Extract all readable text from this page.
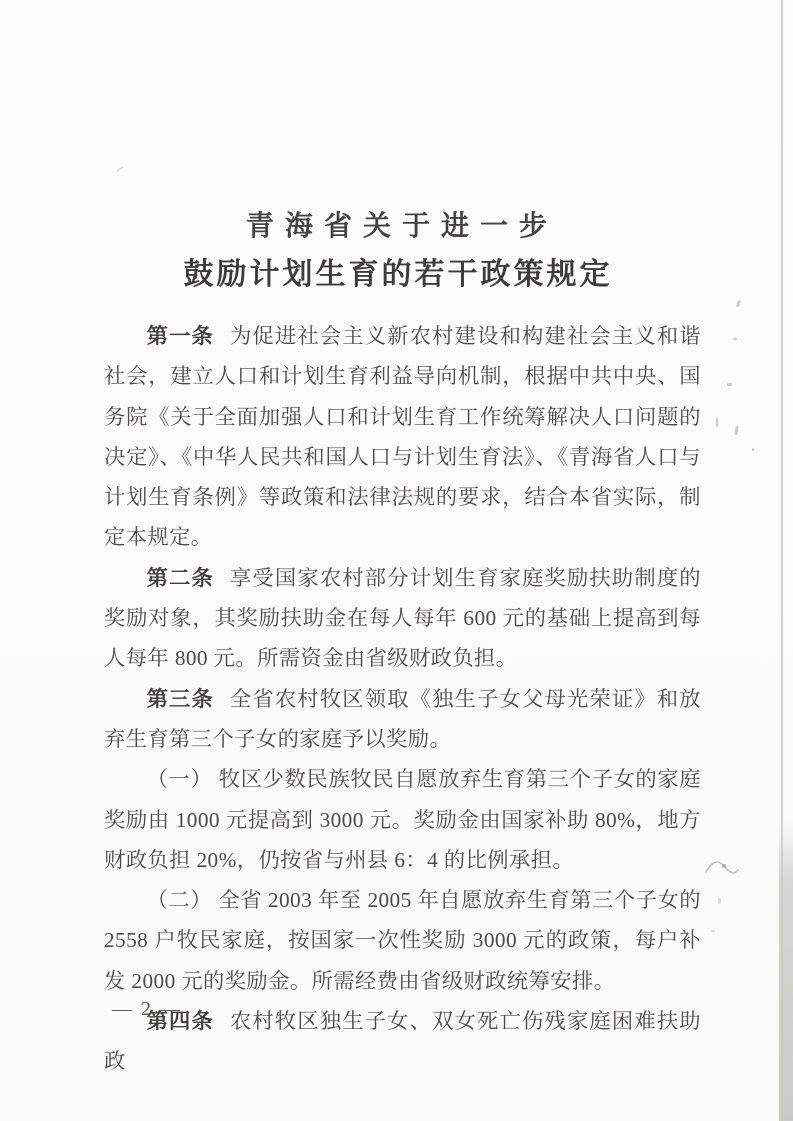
青海省关于进一步
鼓励计划生育的若干政策规定

第一条 为促进社会主义新农村建设和构建社会主义和谐社会，建立人口和计划生育利益导向机制，根据中共中央、国务院《关于全面加强人口和计划生育工作统筹解决人口问题的决定》、《中华人民共和国人口与计划生育法》、《青海省人口与计划生育条例》等政策和法律法规的要求，结合本省实际，制定本规定。

第二条 享受国家农村部分计划生育家庭奖励扶助制度的奖励对象，其奖励扶助金在每人每年 600 元的基础上提高到每人每年 800 元。所需资金由省级财政负担。

第三条 全省农村牧区领取《独生子女父母光荣证》和放弃生育第三个子女的家庭予以奖励。

（一） 牧区少数民族牧民自愿放弃生育第三个子女的家庭奖励由 1000 元提高到 3000 元。奖励金由国家补助 80%，地方财政负担 20%，仍按省与州县 6：4 的比例承担。

（二） 全省 2003 年至 2005 年自愿放弃生育第三个子女的 2558 户牧民家庭，按国家一次性奖励 3000 元的政策，每户补发 2000 元的奖励金。所需经费由省级财政统筹安排。

第四条 农村牧区独生子女、双女死亡伤残家庭困难扶助政

— 2 —
